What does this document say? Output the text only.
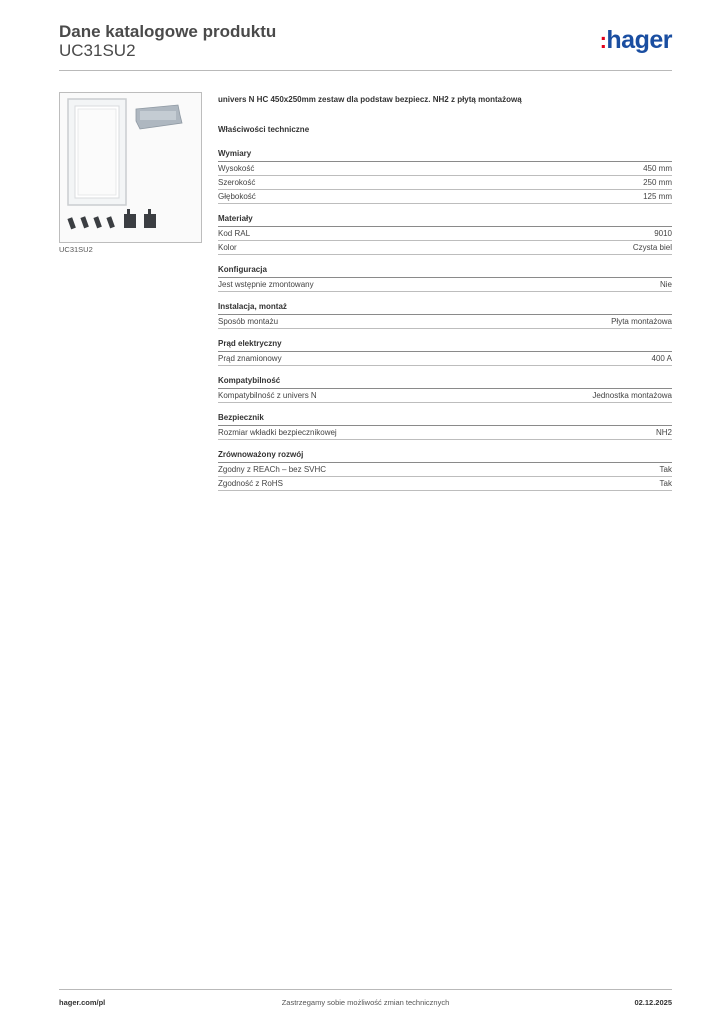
Dane katalogowe produktu
UC31SU2	:hager
UC31SU2
univers N HC 450x250mm zestaw dla podstaw bezpiecz. NH2 z płytą montażową
Właściwości techniczne
Wymiary
Wysokość	450 mm
Szerokość	250 mm
Głębokość	125 mm
Materiały
Kod RAL	9010
Kolor	Czysta biel
Konfiguracja
Jest wstępnie zmontowany	Nie
Instalacja, montaż
Sposób montażu	Płyta montażowa
Prąd elektryczny
Prąd znamionowy	400 A
Kompatybilność
Kompatybilność z univers N	Jednostka montażowa
Bezpiecznik
Rozmiar wkładki bezpiecznikowej	NH2
Zrównoważony rozwój
Zgodny z REACh – bez SVHC	Tak
Zgodność z RoHS	Tak
hager.com/pl	Zastrzegamy sobie możliwość zmian technicznych	02.12.2025
